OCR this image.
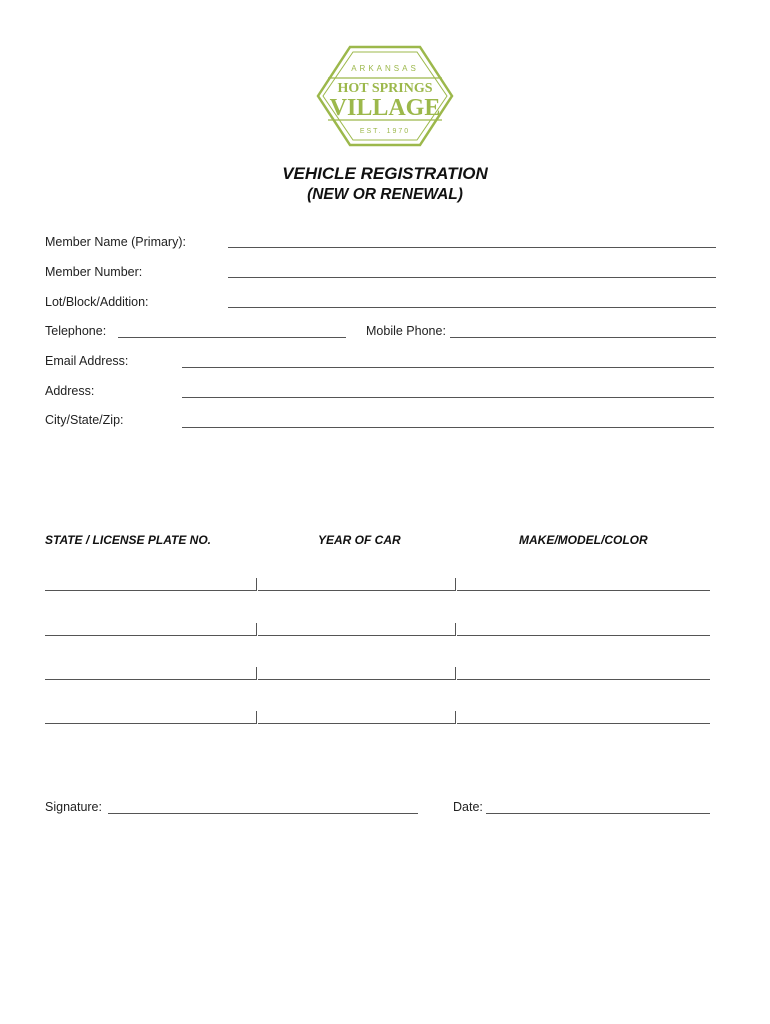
ARKANSAS
HOT SPRINGS
VILLAGE
EST. 1970
VEHICLE REGISTRATION
(NEW OR RENEWAL)
Member Name (Primary):
Member Number:
Lot/Block/Addition:
Telephone:	Mobile Phone:
Email Address:
Address:
City/State/Zip:
STATE / LICENSE PLATE NO.	YEAR OF CAR	MAKE/MODEL/COLOR
Signature:	Date:
